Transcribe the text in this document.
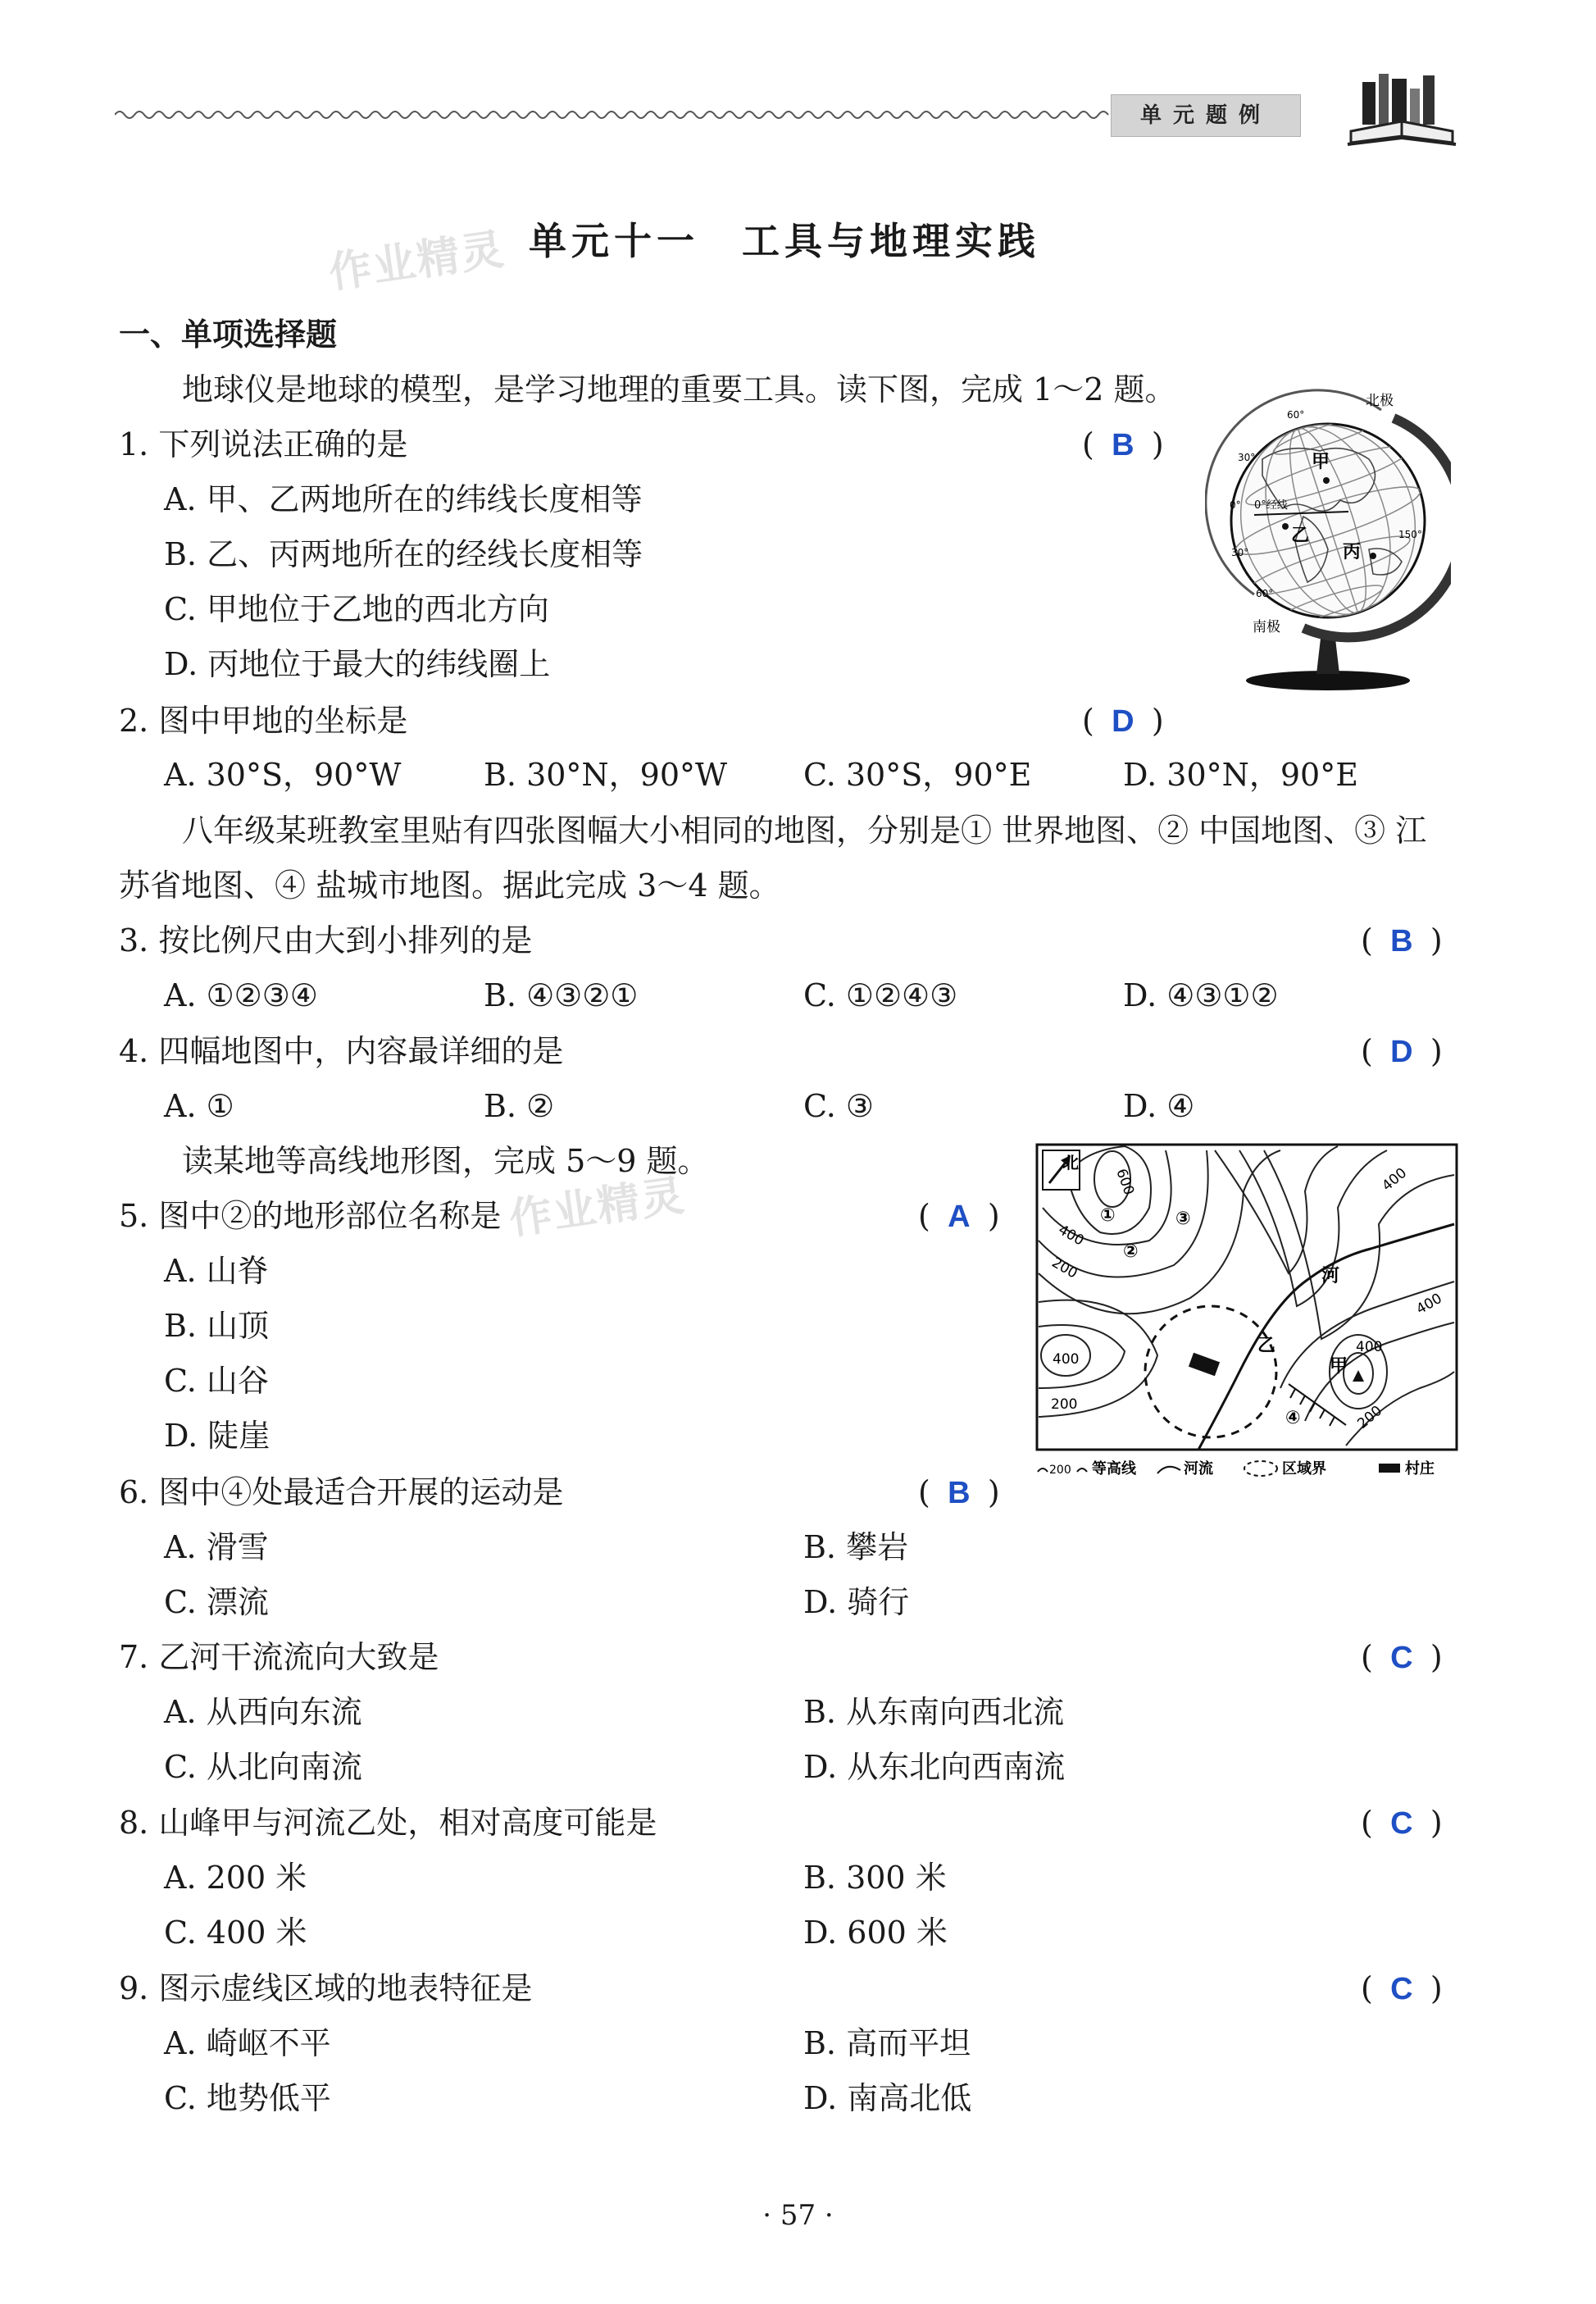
单元题例
作业精灵 单元十一　工具与地理实践
一、单项选择题
地球仪是地球的模型，是学习地理的重要工具。读下图，完成 1～2 题。
1. 下列说法正确的是	( B )
A. 甲、乙两地所在的纬线长度相等
B. 乙、丙两地所在的经线长度相等
C. 甲地位于乙地的西北方向
D. 丙地位于最大的纬线圈上
甲
乙
丙
北极
南极
0°经线
60°
30°
0°
30°
60°
150°
2. 图中甲地的坐标是	( D )
A. 30°S，90°W	B. 30°N，90°W C. 30°S，90°E	D. 30°N，90°E
八年级某班教室里贴有四张图幅大小相同的地图，分别是① 世界地图、② 中国地图、③ 江
苏省地图、④ 盐城市地图。据此完成 3～4 题。
3. 按比例尺由大到小排列的是	( B )
A. ①②③④	B. ④③②①	C. ①②④③	D. ④③①②
4. 四幅地图中，内容最详细的是	( D )
A. ①	B. ②	C. ③	D. ④
读某地等高线地形图，完成 5～9 题。
作业精灵
北
600
400
200
400
200
400
400
400
200
河
乙
甲
①
②
③
④
200 等高线	河流	区域界	村庄
5. 图中②的地形部位名称是	( A )
A. 山脊
B. 山顶
C. 山谷
D. 陡崖
6. 图中④处最适合开展的运动是	( B )
A. 滑雪	B. 攀岩
C. 漂流	D. 骑行
7. 乙河干流流向大致是	( C )
A. 从西向东流	B. 从东南向西北流
C. 从北向南流	D. 从东北向西南流
8. 山峰甲与河流乙处，相对高度可能是	( C )
A. 200 米	B. 300 米
C. 400 米	D. 600 米
9. 图示虚线区域的地表特征是	( C )
A. 崎岖不平	B. 高而平坦
C. 地势低平	D. 南高北低
· 57 ·
